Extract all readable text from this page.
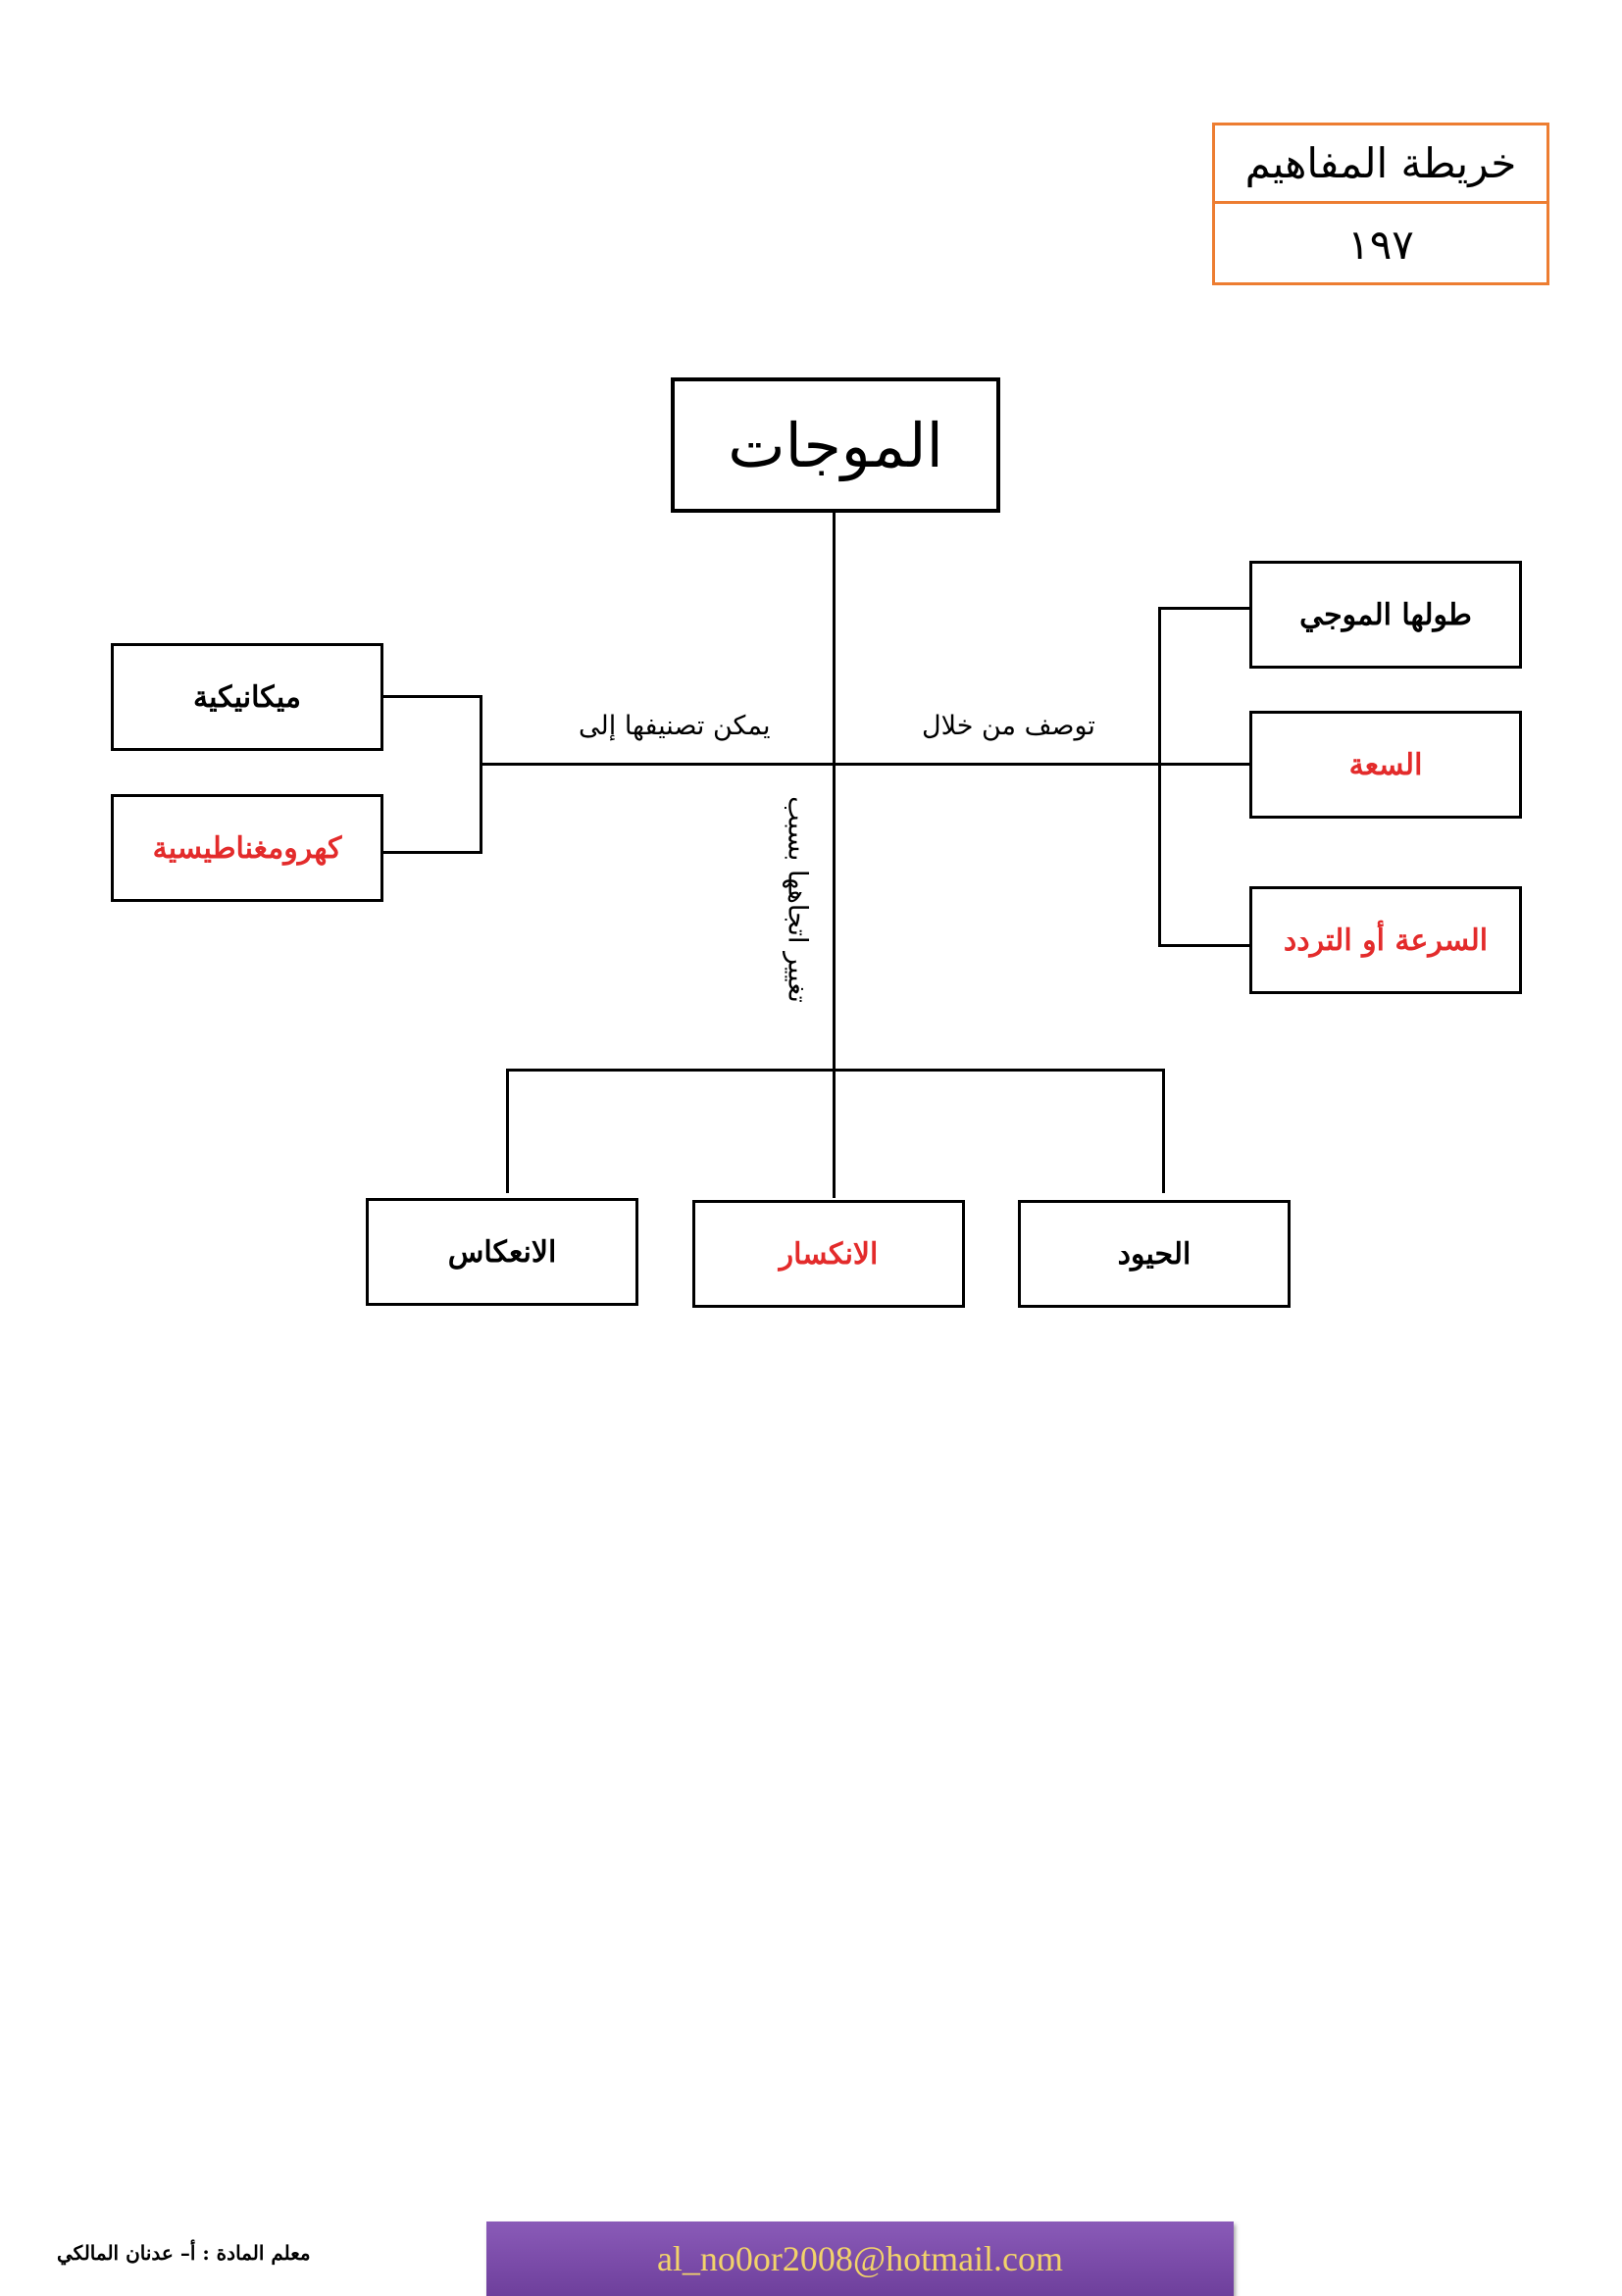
خريطة المفاهيم
١٩٧
الموجات
يمكن تصنيفها إلى	توصف من خلال
تغيير اتجاهها بسبب
ميكانيكية
كهرومغناطيسية
طولها الموجي
السعة
السرعة أو التردد
الانعكاس	الانكسار	الحيود
معلم المادة : أ– عدنان المالكي	al_no0or2008@hotmail.com
